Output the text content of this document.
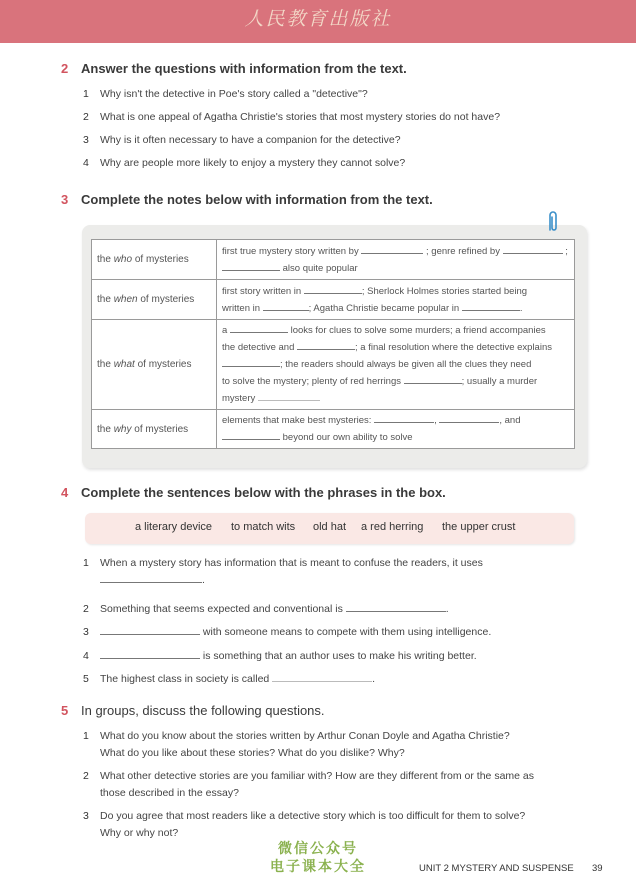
人民教育出版社
2 Answer the questions with information from the text.
1 Why isn't the detective in Poe's story called a "detective"?
2 What is one appeal of Agatha Christie's stories that most mystery stories do not have?
3 Why is it often necessary to have a companion for the detective?
4 Why are people more likely to enjoy a mystery they cannot solve?
3 Complete the notes below with information from the text.
the who of mysteries	first true mystery story written by ; genre refined by ;
also quite popular

the when of mysteries	first story written in ; Sherlock Holmes stories started being
written in ; Agatha Christie became popular in .

the what of mysteries	a looks for clues to solve some murders; a friend accompanies
the detective and ; a final resolution where the detective explains
; the readers should always be given all the clues they need
to solve the mystery; plenty of red herrings ; usually a murder
mystery

the why of mysteries	elements that make best mysteries: , , and
beyond our own ability to solve
4 Complete the sentences below with the phrases in the box.
a literary device to match wits old hat a red herring the upper crust
1 When a mystery story has information that is meant to confuse the readers, it uses
.
2 Something that seems expected and conventional is	.
3	with someone means to compete with them using intelligence.
4	is something that an author uses to make his writing better.
5 The highest class in society is called	.
5 In groups, discuss the following questions.
1 What do you know about the stories written by Arthur Conan Doyle and Agatha Christie?
What do you like about these stories? What do you dislike? Why?
2 What other detective stories are you familiar with? How are they different from or the same as
those described in the essay?
3 Do you agree that most readers like a detective story which is too difficult for them to solve?
Why or why not?
微信公众号
电子课本大全	UNIT 2 MYSTERY AND SUSPENSE 39
